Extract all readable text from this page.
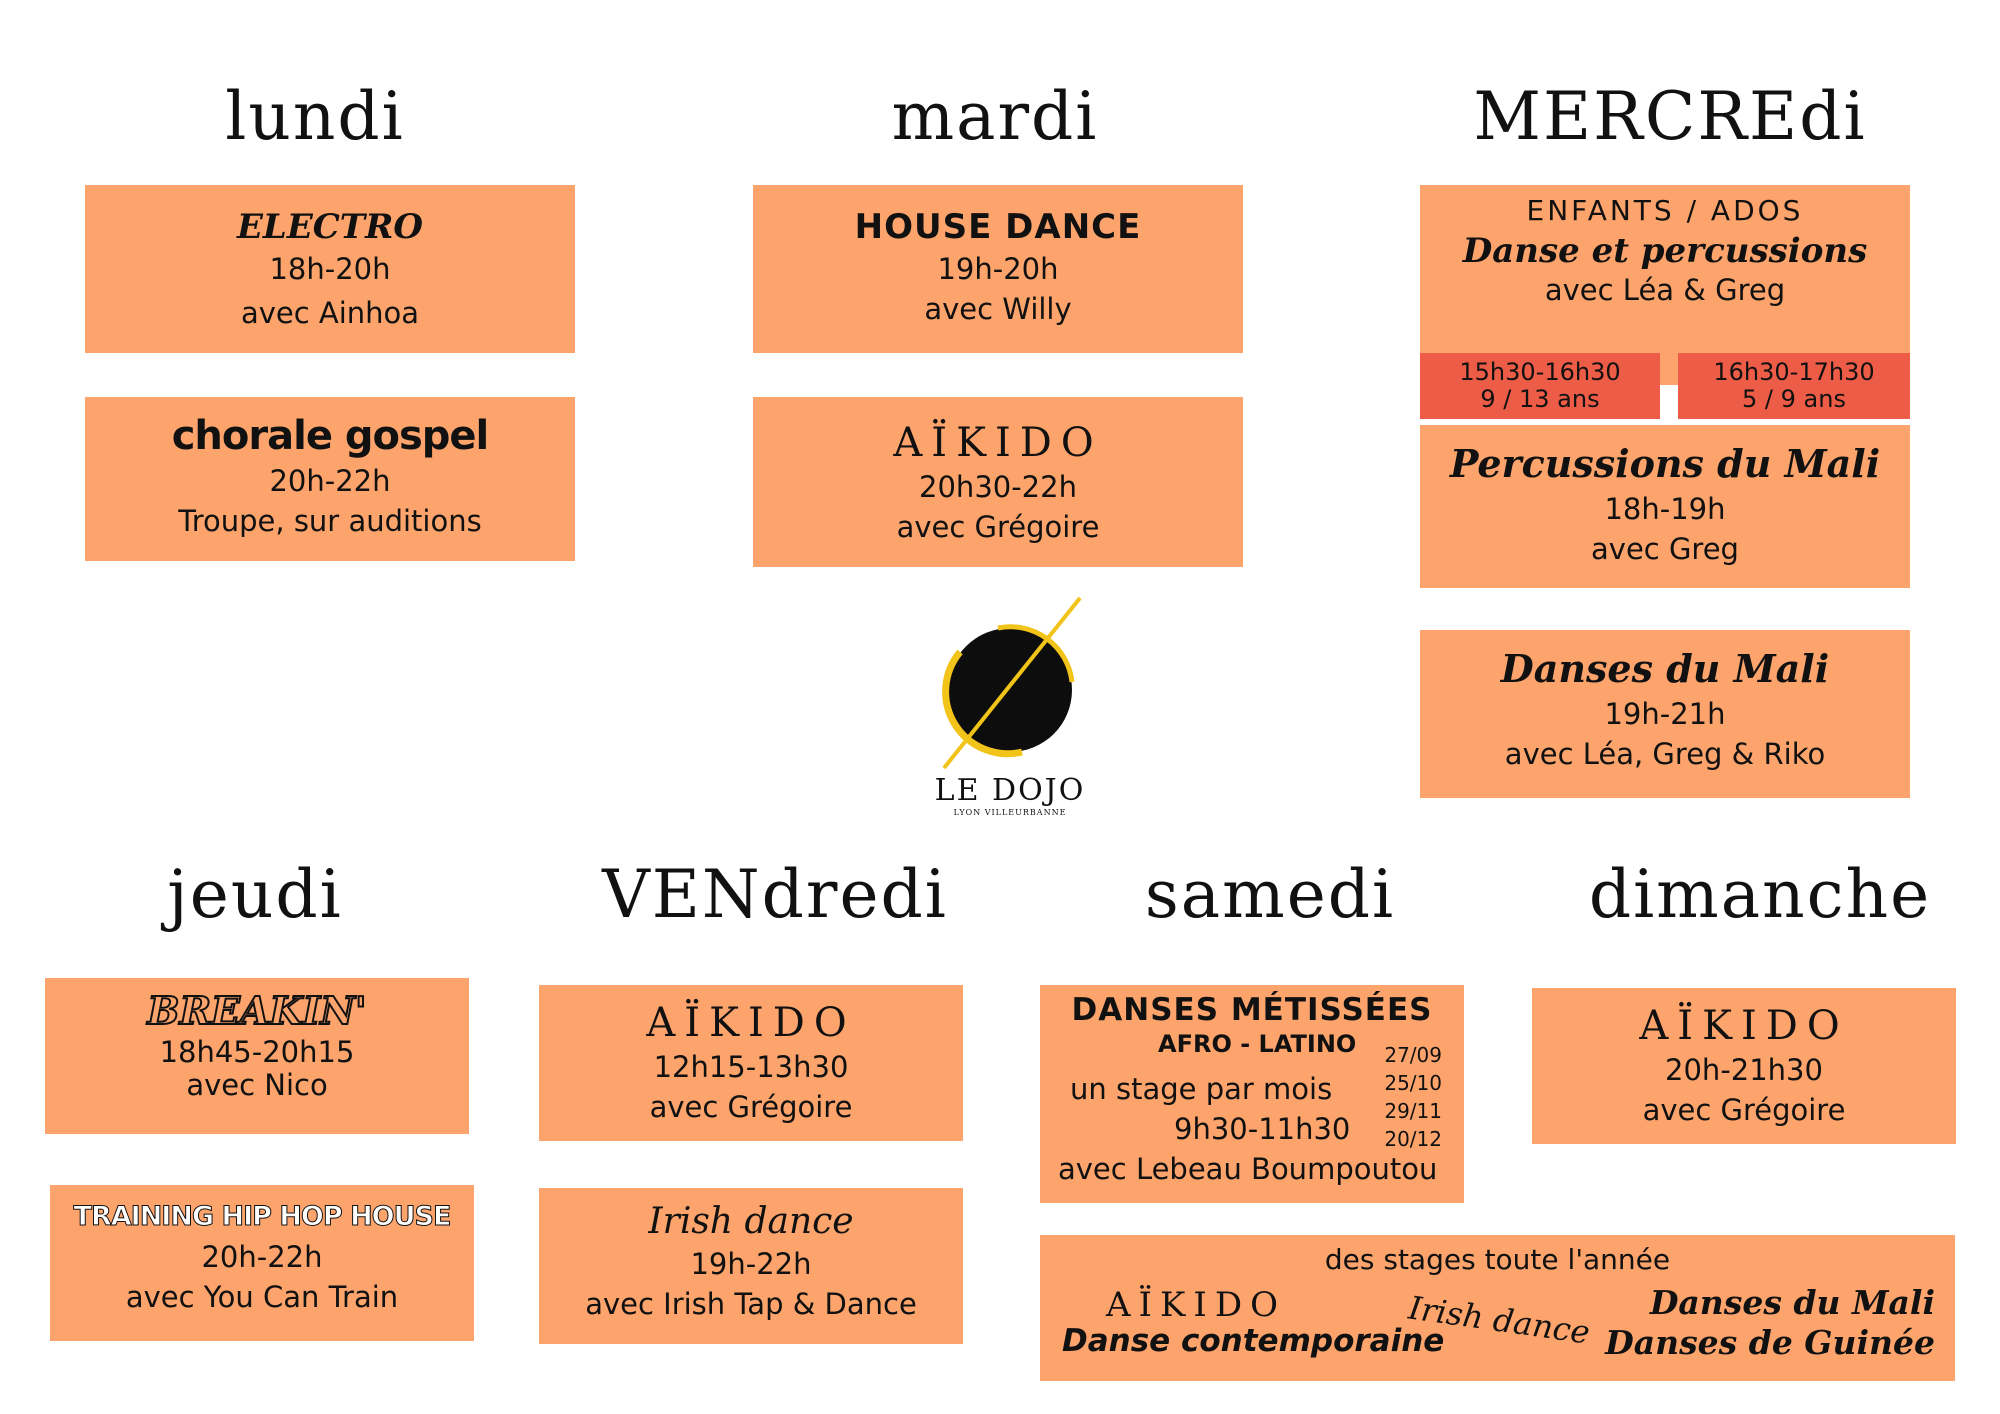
lundi	mardi	MERCREdi
jeudi	VENdredi	samedi	dimanche
ELECTRO
18h-20h
avec Ainhoa
chorale gospel
20h-22h
Troupe, sur auditions
HOUSE DANCE
19h-20h
avec Willy
AÏKIDO
20h30-22h
avec Grégoire
ENFANTS / ADOS
Danse et percussions
avec Léa & Greg
15h30-16h30
9 / 13 ans
16h30-17h30
5 / 9 ans
Percussions du Mali
18h-19h
avec Greg
Danses du Mali
19h-21h
avec Léa, Greg & Riko
LE DOJO
LYON VILLEURBANNE
BREAKIN'
18h45-20h15
avec Nico
TRAINING HIP HOP HOUSE
20h-22h
avec You Can Train
AÏKIDO
12h15-13h30
avec Grégoire
Irish dance
19h-22h
avec Irish Tap & Dance
DANSES MÉTISSÉES
AFRO - LATINO
un stage par mois
9h30-11h30
avec Lebeau Boumpoutou
27/09
25/10
29/11
20/12
des stages toute l'année
AÏKIDO
Danse contemporaine
Irish dance Danses du Mali
Danses de Guinée
AÏKIDO
20h-21h30
avec Grégoire
